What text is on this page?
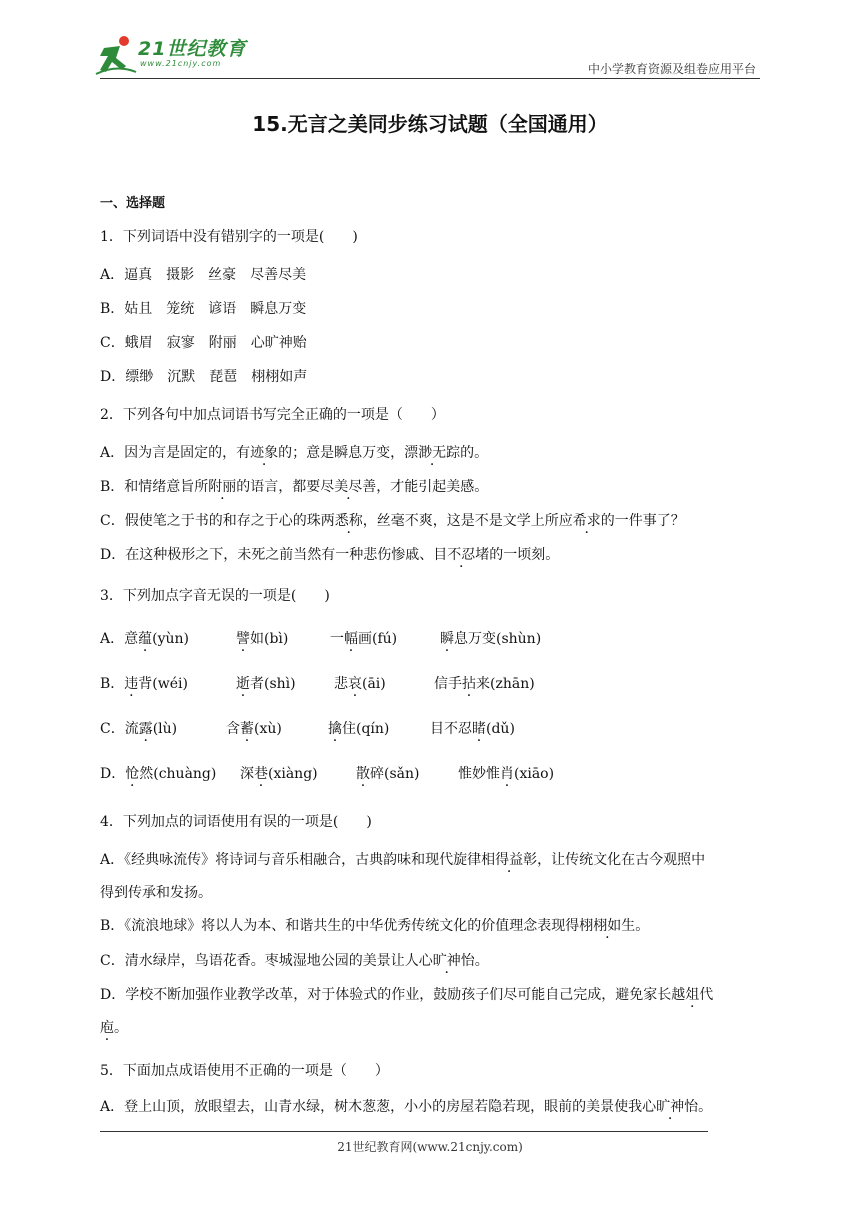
21世纪教育
www.21cnjy.com	中小学教育资源及组卷应用平台
15.无言之美同步练习试题（全国通用）
一、选择题
1．下列词语中没有错别字的一项是(　　)
A．逼真　摄影　丝豪　尽善尽美
B．姑且　笼统　谚语　瞬息万变
C．蛾眉　寂寥　附丽　心旷神贻
D．缥缈　沉默　琵琶　栩栩如声
2．下列各句中加点词语书写完全正确的一项是（　　）
A．因为言是固定的，有迹象的；意是瞬息万变，漂渺无踪的。
B．和情绪意旨所附丽的语言，都要尽美尽善，才能引起美感。
C．假使笔之于书的和存之于心的珠两悉称，丝毫不爽，这是不是文学上所应希求的一件事了？
D．在这种极形之下，未死之前当然有一种悲伤惨戚、目不忍堵的一顷刻。
3．下列加点字音无误的一项是(　　)
A．意蕴(yùn)	譬如(bì)	一幅画(fú)	瞬息万变(shùn)
B．违背(wéi)	逝者(shì)	悲哀(āi)	信手拈来(zhān)
C．流露(lù)	含蓄(xù)	擒住(qín)	目不忍睹(dǔ)
D．怆然(chuàng) 深巷(xiàng)	散碎(sǎn)	惟妙惟肖(xiāo)
4．下列加点的词语使用有误的一项是(　　)
A．《经典咏流传》将诗词与音乐相融合，古典韵味和现代旋律相得益彰，让传统文化在古今观照中
得到传承和发扬。
B．《流浪地球》将以人为本、和谐共生的中华优秀传统文化的价值理念表现得栩栩如生。
C．清水绿岸，鸟语花香。枣城湿地公园的美景让人心旷神怡。
D．学校不断加强作业教学改革，对于体验式的作业，鼓励孩子们尽可能自己完成，避免家长越俎代
庖。
5．下面加点成语使用不正确的一项是（　　）
A．登上山顶，放眼望去，山青水绿，树木葱葱，小小的房屋若隐若现，眼前的美景使我心旷神怡。
21世纪教育网(www.21cnjy.com)
